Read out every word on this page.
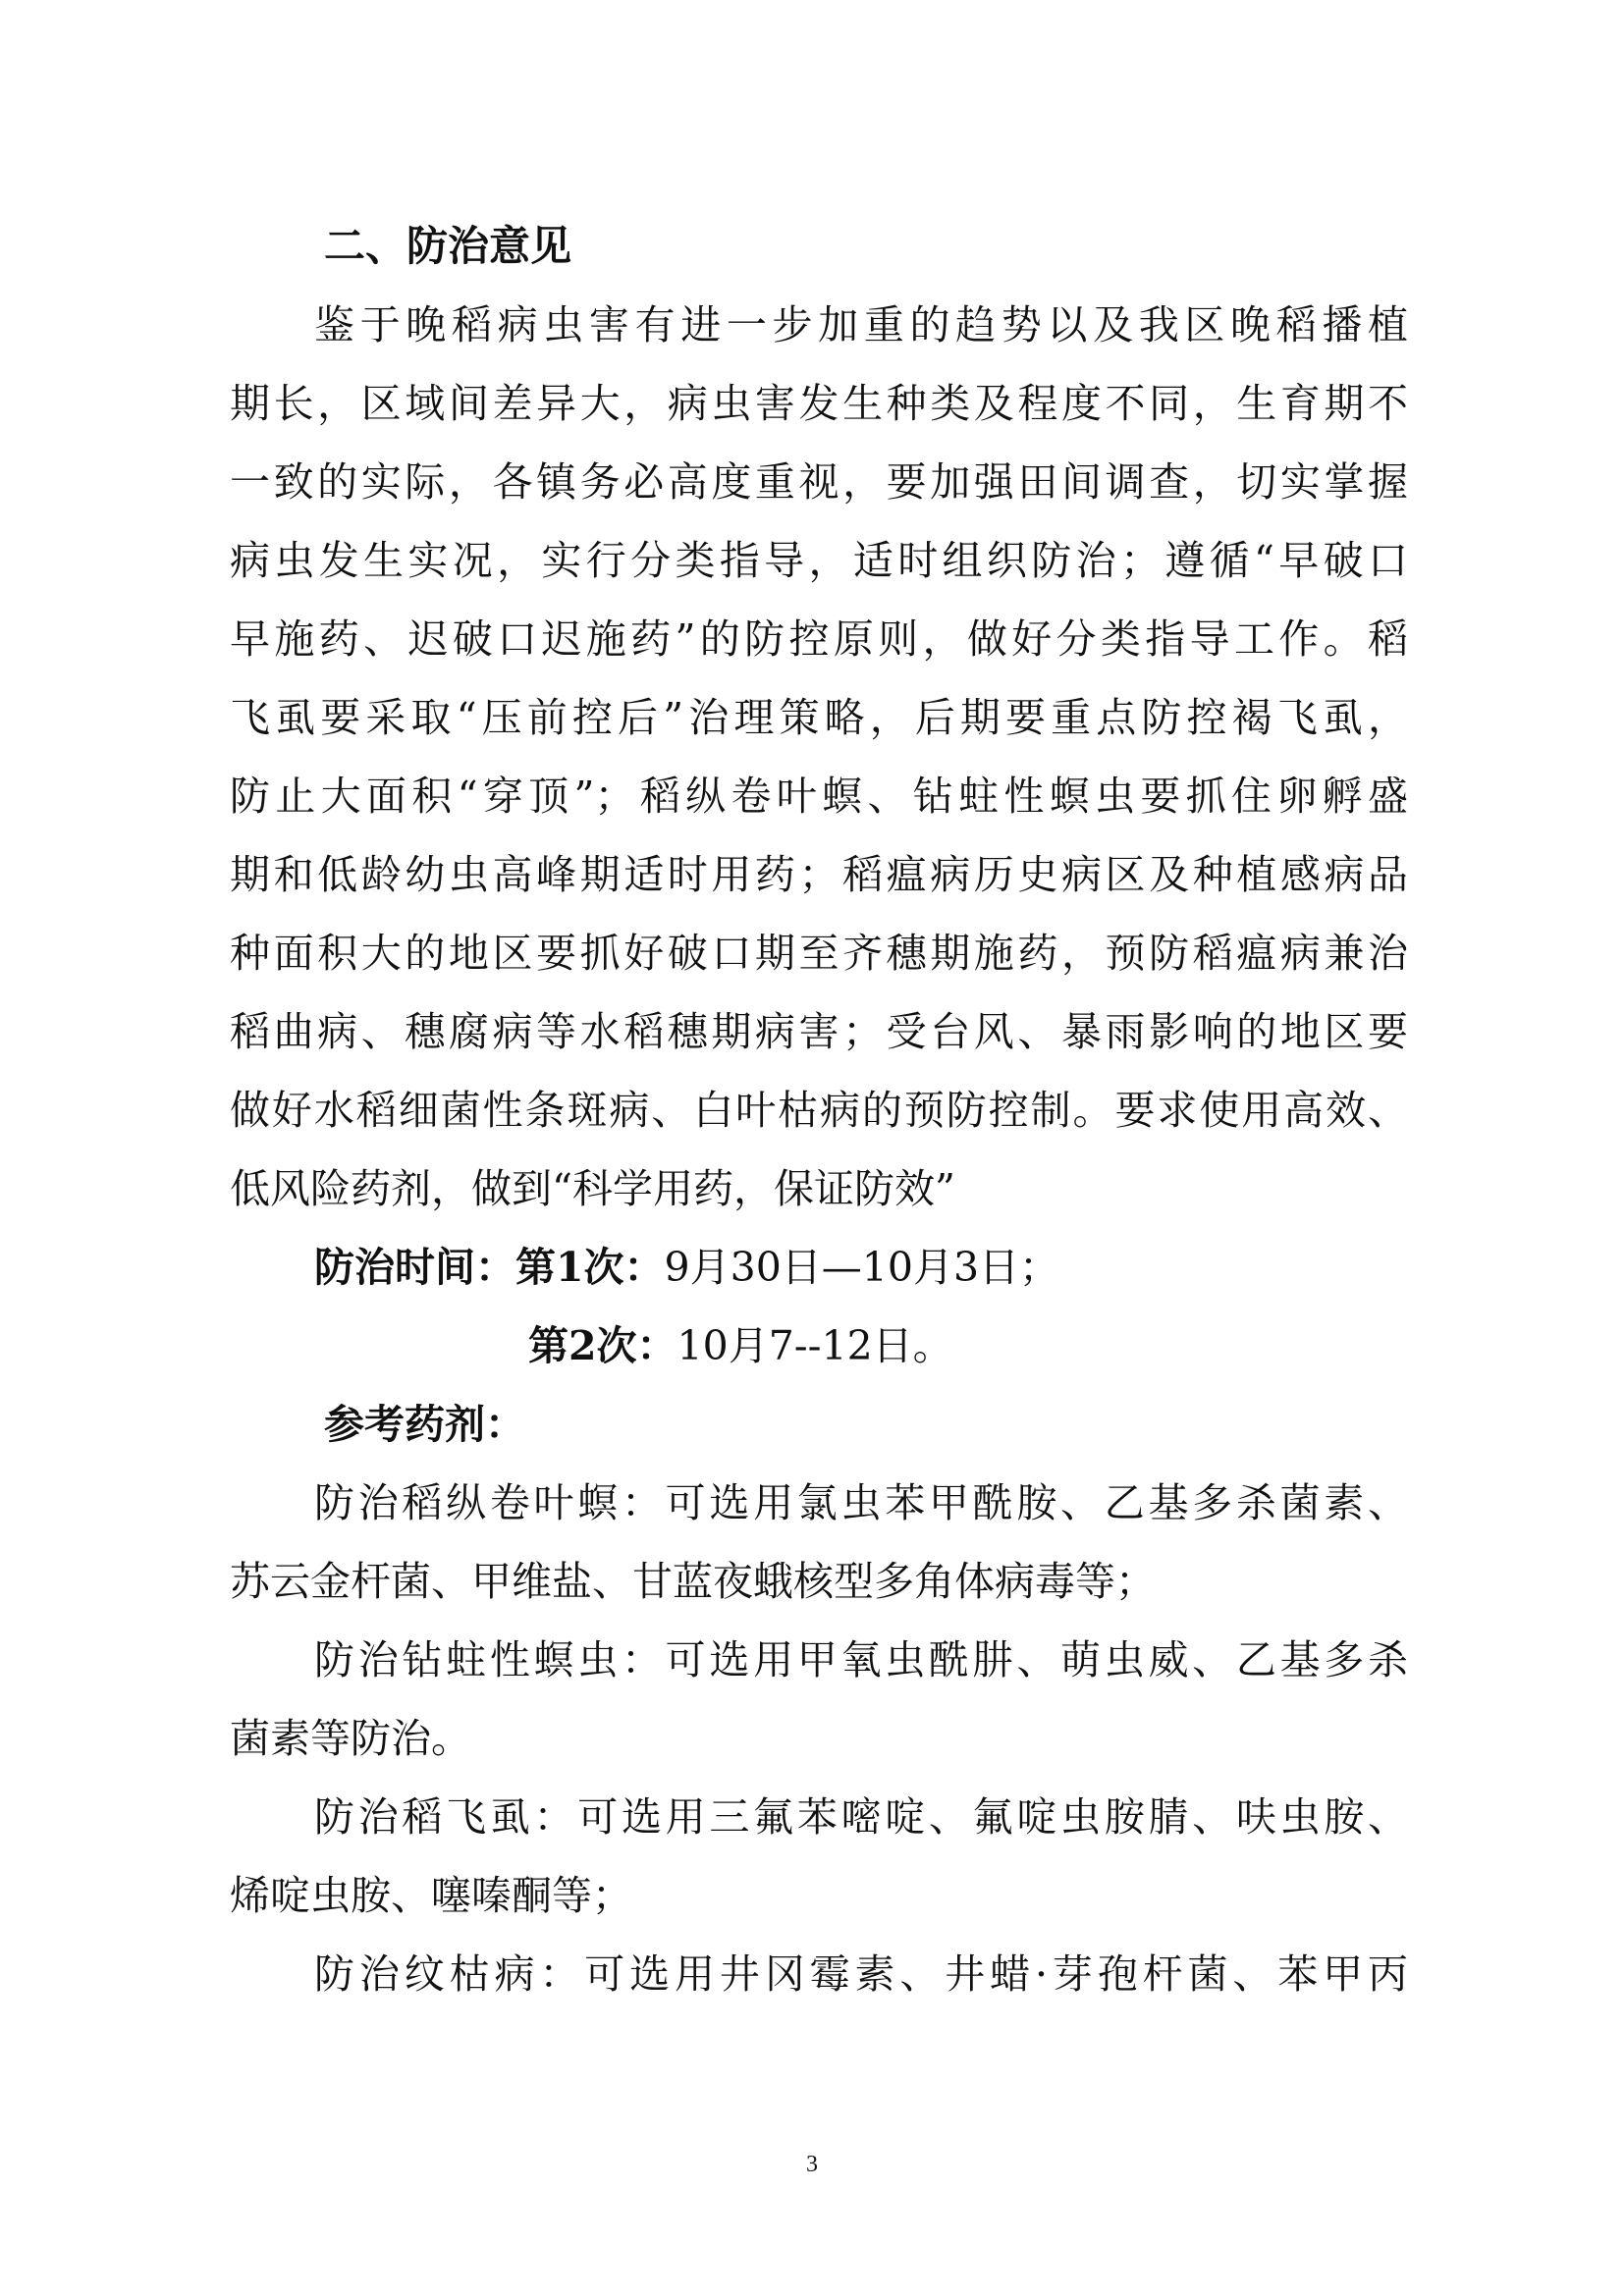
二、防治意见
鉴于晚稻病虫害有进一步加重的趋势以及我区晚稻播植
期长，区域间差异大，病虫害发生种类及程度不同，生育期不
一致的实际，各镇务必高度重视，要加强田间调查，切实掌握
病虫发生实况，实行分类指导，适时组织防治；遵循“早破口
早施药、迟破口迟施药”的防控原则，做好分类指导工作。稻
飞虱要采取“压前控后”治理策略，后期要重点防控褐飞虱，
防止大面积“穿顶”；稻纵卷叶螟、钻蛀性螟虫要抓住卵孵盛
期和低龄幼虫高峰期适时用药；稻瘟病历史病区及种植感病品
种面积大的地区要抓好破口期至齐穗期施药，预防稻瘟病兼治
稻曲病、穗腐病等水稻穗期病害；受台风、暴雨影响的地区要
做好水稻细菌性条斑病、白叶枯病的预防控制。要求使用高效、
低风险药剂，做到“科学用药，保证防效”
防治时间：第1次：9月30日—10月3日；
第2次：10月7--12日。
参考药剂：
防治稻纵卷叶螟：可选用氯虫苯甲酰胺、乙基多杀菌素、
苏云金杆菌、甲维盐、甘蓝夜蛾核型多角体病毒等；
防治钻蛀性螟虫：可选用甲氧虫酰肼、萌虫威、乙基多杀
菌素等防治。
防治稻飞虱：可选用三氟苯嘧啶、氟啶虫胺腈、呋虫胺、
烯啶虫胺、噻嗪酮等；
防治纹枯病：可选用井冈霉素、井蜡·芽孢杆菌、苯甲丙
3
